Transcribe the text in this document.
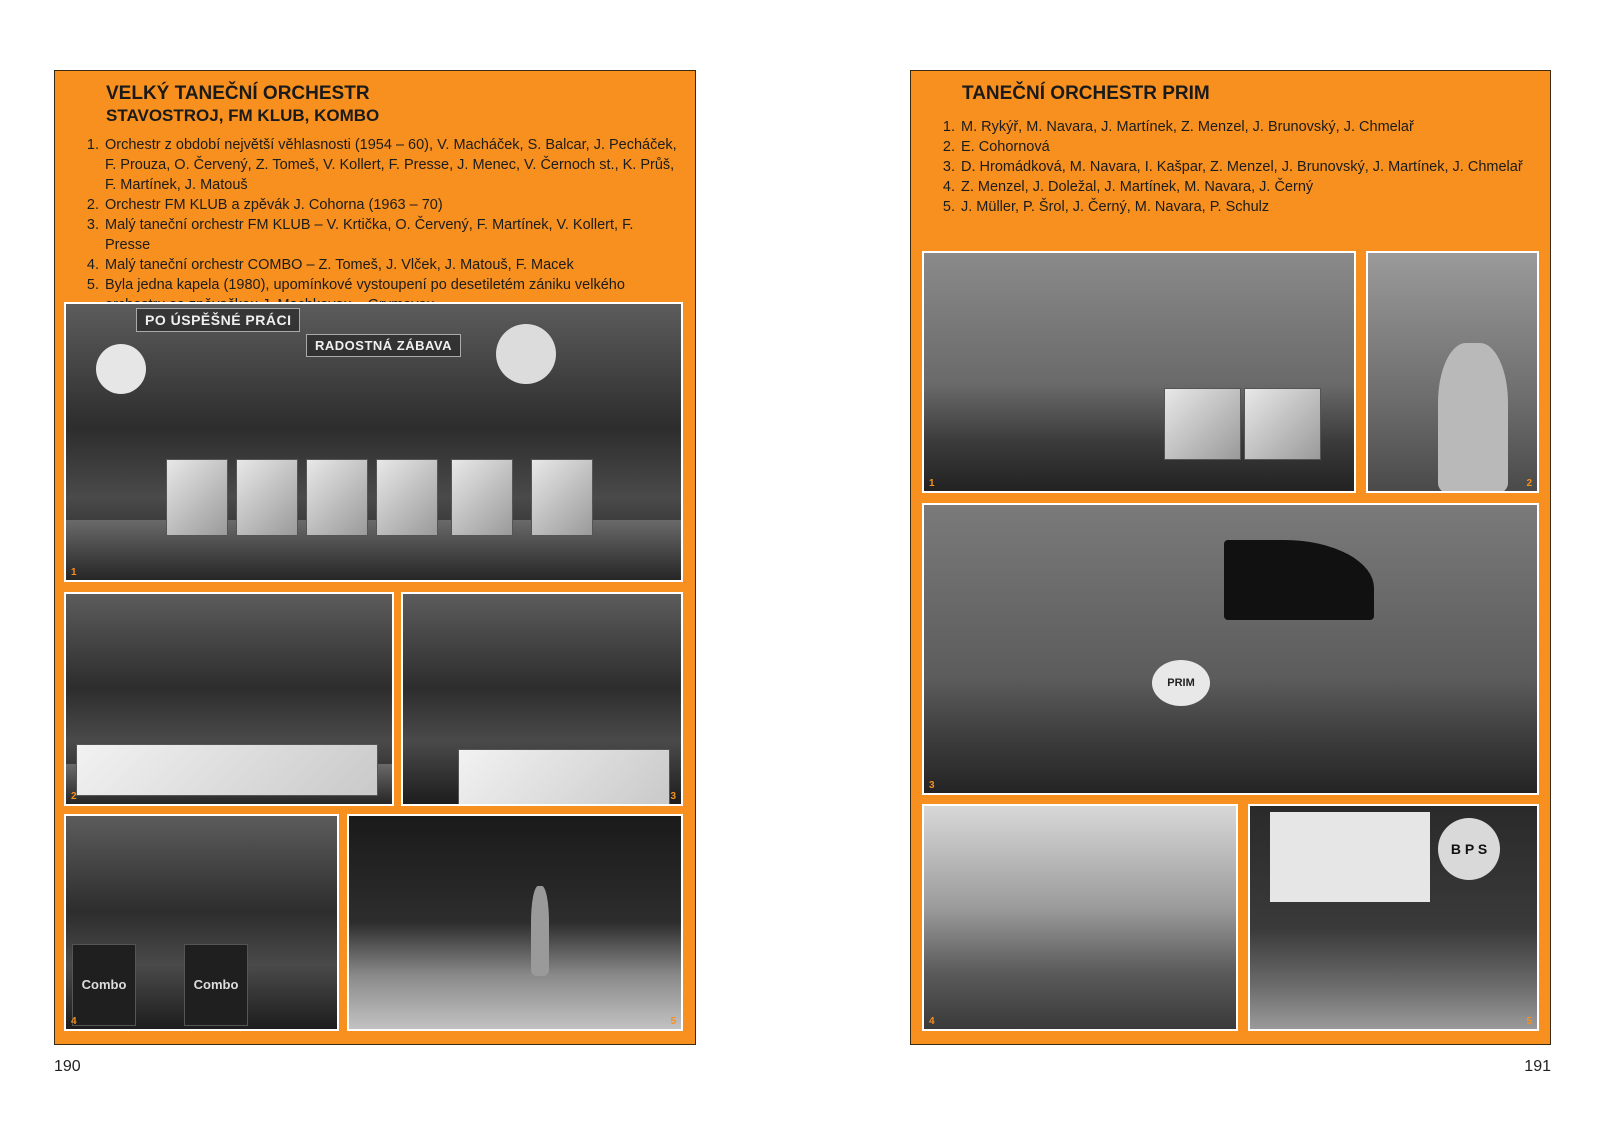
VELKÝ TANEČNÍ ORCHESTR
STAVOSTROJ, FM KLUB, KOMBO
1. Orchestr z období největší věhlasnosti (1954 – 60), V. Macháček, S. Balcar, J. Pecháček, F. Prouza, O. Červený, Z. Tomeš, V. Kollert, F. Presse, J. Menec, V. Černoch st., K. Průš, F. Martínek, J. Matouš
2. Orchestr FM KLUB a zpěvák J. Cohorna (1963 – 70)
3. Malý taneční orchestr FM KLUB – V. Krtička, O. Červený, F. Martínek, V. Kollert, F. Presse
4. Malý taneční orchestr COMBO – Z. Tomeš, J. Vlček, J. Matouš, F. Macek
5. Byla jedna kapela (1980), upomínkové vystoupení po desetiletém zániku velkého
PO ÚSPĚŠNÉ PRÁCI
RADOSTNÁ ZÁBAVA
1
2	3
Combo	Combo
4	5
190
TANEČNÍ ORCHESTR PRIM
1. M. Rykýř, M. Navara, J. Martínek, Z. Menzel, J. Brunovský, J. Chmelař
2. E. Cohornová
3. D. Hromádková, M. Navara, I. Kašpar, Z. Menzel, J. Brunovský, J. Martínek, J. Chmelař
4. Z. Menzel, J. Doležal, J. Martínek, M. Navara, J. Černý
5. J. Müller, P. Šrol, J. Černý, M. Navara, P. Schulz
1	2
PRIM
3
4
B P S
5
191
